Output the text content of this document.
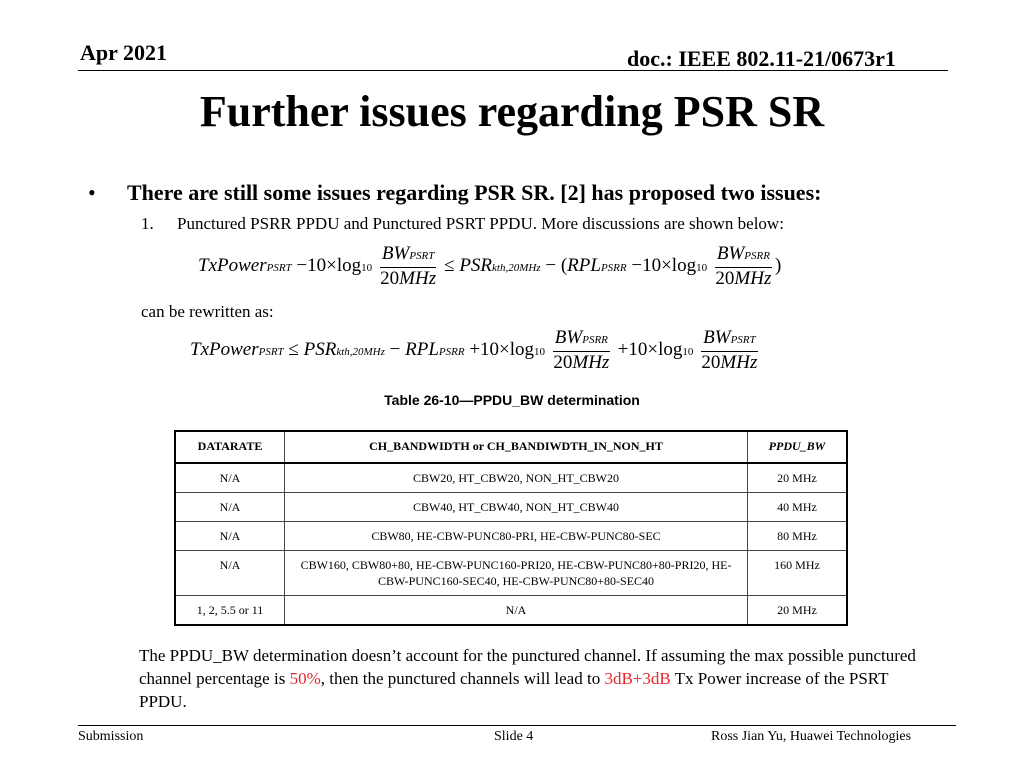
Apr 2021	doc.: IEEE 802.11-21/0673r1
Further issues regarding PSR SR
• There are still some issues regarding PSR SR. [2] has proposed two issues:
1. Punctured PSRR PPDU and Punctured PSRT PPDU. More discussions are shown below:
TxPowerPSRT $-10\times\log 10 \frac{\text{BWPSRT}}{\text{20MHz}}$ ≤ PSRkth,20MHz − (RPLPSRR $-10\times\log 10 \frac{\text{BWPSRR}}{\text{20MHz}}$ )
can be rewritten as:
TxPowerPSRT ≤ PSRkth,20MHz − RPLPSRR $+10\times\log 10 \frac{\text{BWPSRR}}{\text{20MHz}} +10\times\log 10 \frac{\text{BWPSRT}}{\text{20MHz}}$
Table 26-10—PPDU_BW determination
DATARATE	CH_BANDWIDTH or CH_BANDIWDTH_IN_NON_HT	PPDU_BW
N/A	CBW20, HT_CBW20, NON_HT_CBW20	20 MHz
N/A	CBW40, HT_CBW40, NON_HT_CBW40	40 MHz
N/A	CBW80, HE-CBW-PUNC80-PRI, HE-CBW-PUNC80-SEC	80 MHz
N/A	CBW160, CBW80+80, HE-CBW-PUNC160-PRI20, HE-CBW-PUNC80+80-PRI20, HE-CBW-PUNC160-SEC40, HE-CBW-PUNC80+80-SEC40	160 MHz
1, 2, 5.5 or 11	N/A	20 MHz
The PPDU_BW determination doesn’t account for the punctured channel. If assuming the max possible punctured channel percentage is 50%, then the punctured channels will lead to 3dB+3dB Tx Power increase of the PSRT PPDU.
Submission	Slide 4	Ross Jian Yu, Huawei Technologies
